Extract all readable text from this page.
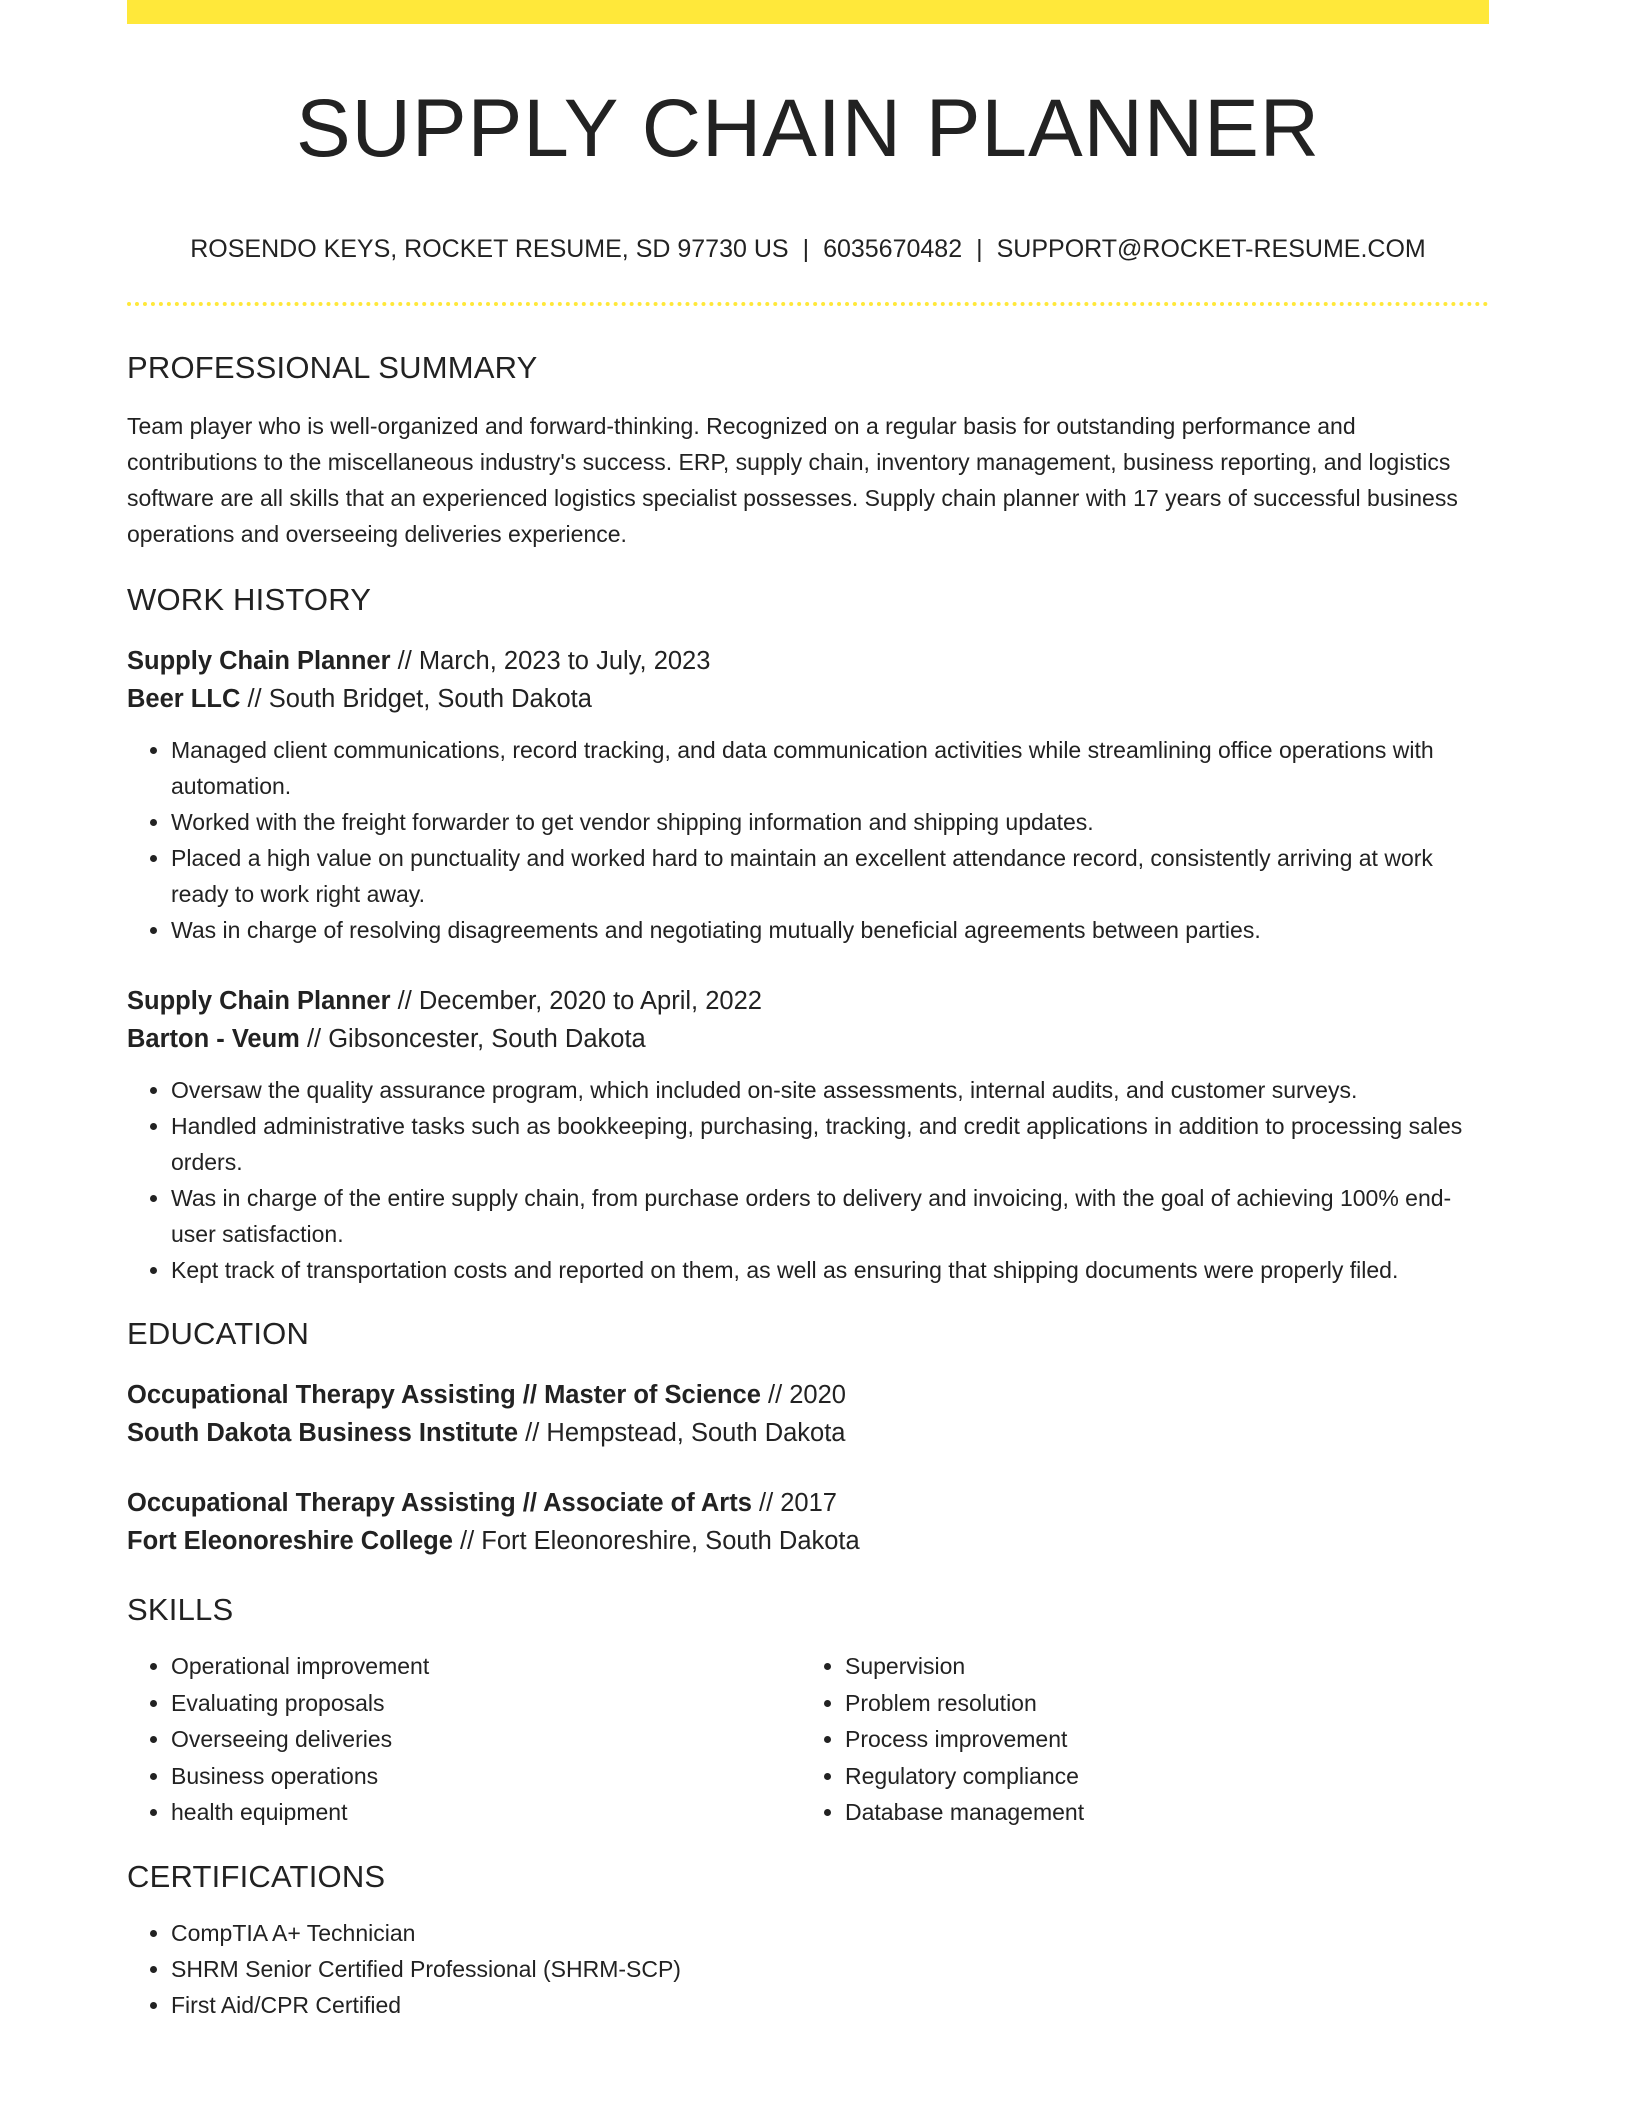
SUPPLY CHAIN PLANNER
ROSENDO KEYS, ROCKET RESUME, SD 97730 US | 6035670482 | SUPPORT@ROCKET-RESUME.COM
PROFESSIONAL SUMMARY

Team player who is well-organized and forward-thinking. Recognized on a regular basis for outstanding performance and contributions to the miscellaneous industry's success. ERP, supply chain, inventory management, business reporting, and logistics software are all skills that an experienced logistics specialist possesses. Supply chain planner with 17 years of successful business operations and overseeing deliveries experience.

WORK HISTORY
Supply Chain Planner // March, 2023 to July, 2023
Beer LLC // South Bridget, South Dakota
• Managed client communications, record tracking, and data communication activities while streamlining office operations with automation.
• Worked with the freight forwarder to get vendor shipping information and shipping updates.
• Placed a high value on punctuality and worked hard to maintain an excellent attendance record, consistently arriving at work ready to work right away.
• Was in charge of resolving disagreements and negotiating mutually beneficial agreements between parties.
Supply Chain Planner // December, 2020 to April, 2022
Barton - Veum // Gibsoncester, South Dakota
• Oversaw the quality assurance program, which included on-site assessments, internal audits, and customer surveys.
• Handled administrative tasks such as bookkeeping, purchasing, tracking, and credit applications in addition to processing sales orders.
• Was in charge of the entire supply chain, from purchase orders to delivery and invoicing, with the goal of achieving 100% end-user satisfaction.
• Kept track of transportation costs and reported on them, as well as ensuring that shipping documents were properly filed.
EDUCATION
Occupational Therapy Assisting // Master of Science // 2020
South Dakota Business Institute // Hempstead, South Dakota
Occupational Therapy Assisting // Associate of Arts // 2017
Fort Eleonoreshire College // Fort Eleonoreshire, South Dakota
SKILLS
• Operational improvement
• Evaluating proposals
• Overseeing deliveries
• Business operations
• health equipment
• Supervision
• Problem resolution
• Process improvement
• Regulatory compliance
• Database management
CERTIFICATIONS
• CompTIA A+ Technician
• SHRM Senior Certified Professional (SHRM-SCP)
• First Aid/CPR Certified
